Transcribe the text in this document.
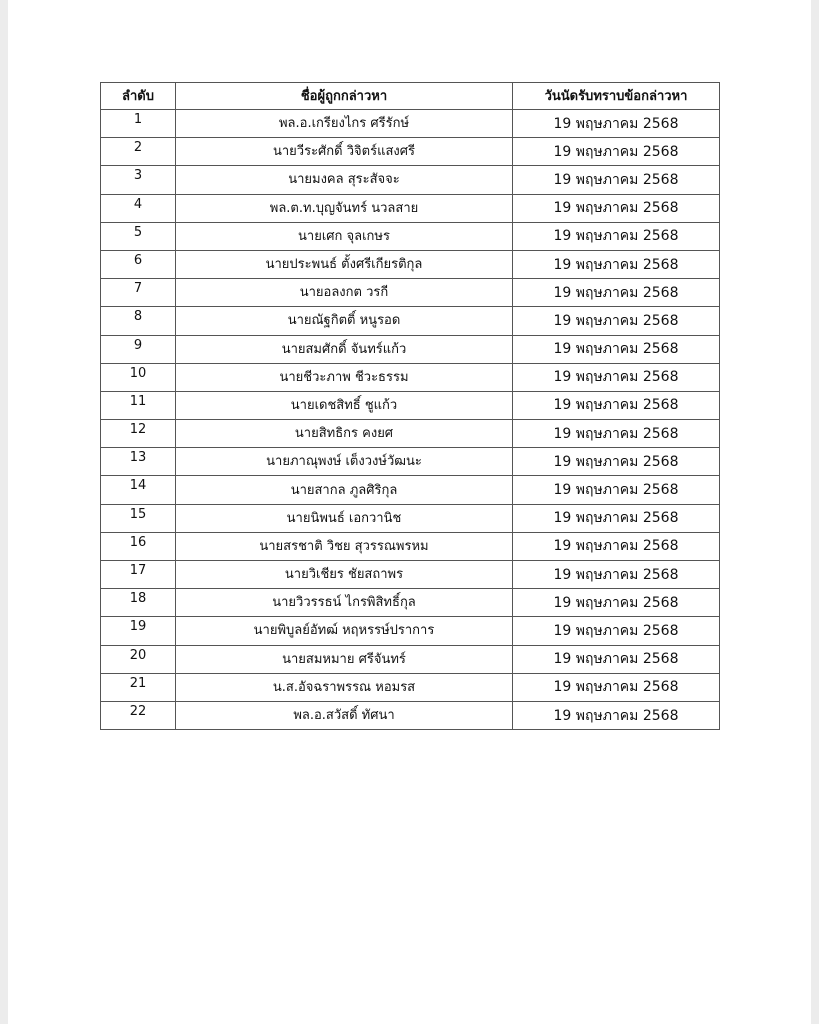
ลำดับ	ชื่อผู้ถูกกล่าวหา	วันนัดรับทราบข้อกล่าวหา
1	พล.อ.เกรียงไกร ศรีรักษ์	19 พฤษภาคม 2568
2	นายวีระศักดิ์ วิจิตร์แสงศรี	19 พฤษภาคม 2568
3	นายมงคล สุระสัจจะ	19 พฤษภาคม 2568
4	พล.ต.ท.บุญจันทร์ นวลสาย	19 พฤษภาคม 2568
5	นายเศก จุลเกษร	19 พฤษภาคม 2568
6	นายประพนธ์ ตั้งศรีเกียรติกุล	19 พฤษภาคม 2568
7	นายอลงกต วรกี	19 พฤษภาคม 2568
8	นายณัฐกิตติ์ หนูรอด	19 พฤษภาคม 2568
9	นายสมศักดิ์ จันทร์แก้ว	19 พฤษภาคม 2568
10	นายชีวะภาพ ชีวะธรรม	19 พฤษภาคม 2568
11	นายเดชสิทธิ์ ชูแก้ว	19 พฤษภาคม 2568
12	นายสิทธิกร คงยศ	19 พฤษภาคม 2568
13	นายภาณุพงษ์ เต็งวงษ์วัฒนะ	19 พฤษภาคม 2568
14	นายสากล ภูลศิริกุล	19 พฤษภาคม 2568
15	นายนิพนธ์ เอกวานิช	19 พฤษภาคม 2568
16	นายสรชาติ วิชย สุวรรณพรหม	19 พฤษภาคม 2568
17	นายวิเชียร ชัยสถาพร	19 พฤษภาคม 2568
18	นายวิวรรธน์ ไกรพิสิทธิ์กุล	19 พฤษภาคม 2568
19	นายพิบูลย์อัทฒ์ หฤหรรษ์ปราการ	19 พฤษภาคม 2568
20	นายสมหมาย ศรีจันทร์	19 พฤษภาคม 2568
21	น.ส.อัจฉราพรรณ หอมรส	19 พฤษภาคม 2568
22	พล.อ.สวัสดิ์ ทัศนา	19 พฤษภาคม 2568
